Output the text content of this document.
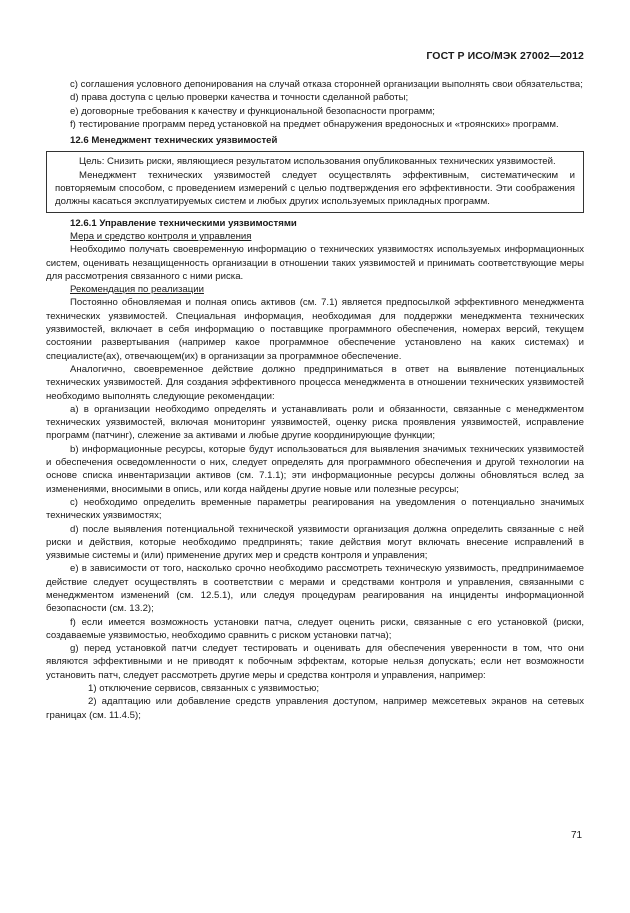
ГОСТ Р ИСО/МЭК 27002—2012

c) соглашения условного депонирования на случай отказа сторонней организации выполнять свои обязательства;

d) права доступа с целью проверки качества и точности сделанной работы;

e) договорные требования к качеству и функциональной безопасности программ;

f) тестирование программ перед установкой на предмет обнаружения вредоносных и «троянских» программ.

12.6 Менеджмент технических уязвимостей

Цель: Снизить риски, являющиеся результатом использования опубликованных технических уязвимостей.

Менеджмент технических уязвимостей следует осуществлять эффективным, систематическим и повторяемым способом, с проведением измерений с целью подтверждения его эффективности. Эти соображения должны касаться эксплуатируемых систем и любых других используемых прикладных программ.

12.6.1 Управление техническими уязвимостями

Мера и средство контроля и управления

Необходимо получать своевременную информацию о технических уязвимостях используемых информационных систем, оценивать незащищенность организации в отношении таких уязвимостей и принимать соответствующие меры для рассмотрения связанного с ними риска.

Рекомендация по реализации

Постоянно обновляемая и полная опись активов (см. 7.1) является предпосылкой эффективного менеджмента технических уязвимостей. Специальная информация, необходимая для поддержки менеджмента технических уязвимостей, включает в себя информацию о поставщике программного обеспечения, номерах версий, текущем состоянии развертывания (например какое программное обеспечение установлено на каких системах) и специалисте(ах), отвечающем(их) в организации за программное обеспечение.

Аналогично, своевременное действие должно предприниматься в ответ на выявление потенциальных технических уязвимостей. Для создания эффективного процесса менеджмента в отношении технических уязвимостей необходимо выполнять следующие рекомендации:

a) в организации необходимо определять и устанавливать роли и обязанности, связанные с менеджментом технических уязвимостей, включая мониторинг уязвимостей, оценку риска проявления уязвимостей, исправление программ (патчинг), слежение за активами и любые другие координирующие функции;

b) информационные ресурсы, которые будут использоваться для выявления значимых технических уязвимостей и обеспечения осведомленности о них, следует определять для программного обеспечения и другой технологии на основе списка инвентаризации активов (см. 7.1.1); эти информационные ресурсы должны обновляться вслед за изменениями, вносимыми в опись, или когда найдены другие новые или полезные ресурсы;

c) необходимо определить временные параметры реагирования на уведомления о потенциально значимых технических уязвимостях;

d) после выявления потенциальной технической уязвимости организация должна определить связанные с ней риски и действия, которые необходимо предпринять; такие действия могут включать внесение исправлений в уязвимые системы и (или) применение других мер и средств контроля и управления;

e) в зависимости от того, насколько срочно необходимо рассмотреть техническую уязвимость, предпринимаемое действие следует осуществлять в соответствии с мерами и средствами контроля и управления, связанными с менеджментом изменений (см. 12.5.1), или следуя процедурам реагирования на инциденты информационной безопасности (см. 13.2);

f) если имеется возможность установки патча, следует оценить риски, связанные с его установкой (риски, создаваемые уязвимостью, необходимо сравнить с риском установки патча);

g) перед установкой патчи следует тестировать и оценивать для обеспечения уверенности в том, что они являются эффективными и не приводят к побочным эффектам, которые нельзя допускать; если нет возможности установить патч, следует рассмотреть другие меры и средства контроля и управления, например:

1) отключение сервисов, связанных с уязвимостью;

2) адаптацию или добавление средств управления доступом, например межсетевых экранов на сетевых границах (см. 11.4.5);

71
